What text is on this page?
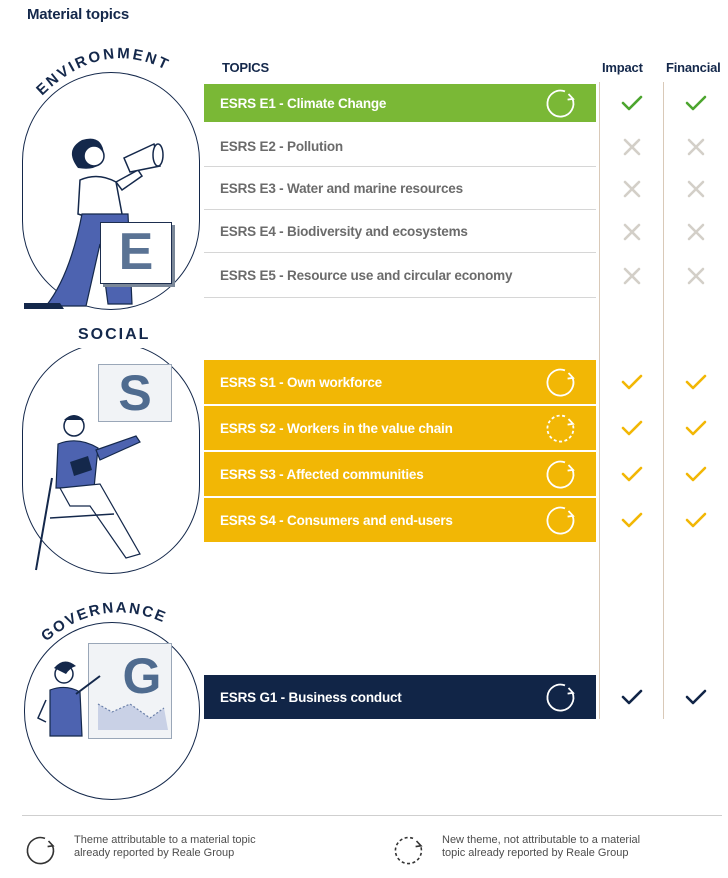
Material topics
TOPICS	Impact Financial
ENVIRONMENT
E
SOCIAL
S
GOVERNANCE
G
ESRS E1 - Climate Change
ESRS E2 - Pollution
ESRS E3 - Water and marine resources
ESRS E4 - Biodiversity and ecosystems
ESRS E5 - Resource use and circular economy
ESRS S1 - Own workforce
ESRS S2 - Workers in the value chain
ESRS S3 - Affected communities
ESRS S4 - Consumers and end-users
ESRS G1 - Business conduct
Theme attributable to a material topic
already reported by Reale Group
New theme, not attributable to a material
topic already reported by Reale Group
